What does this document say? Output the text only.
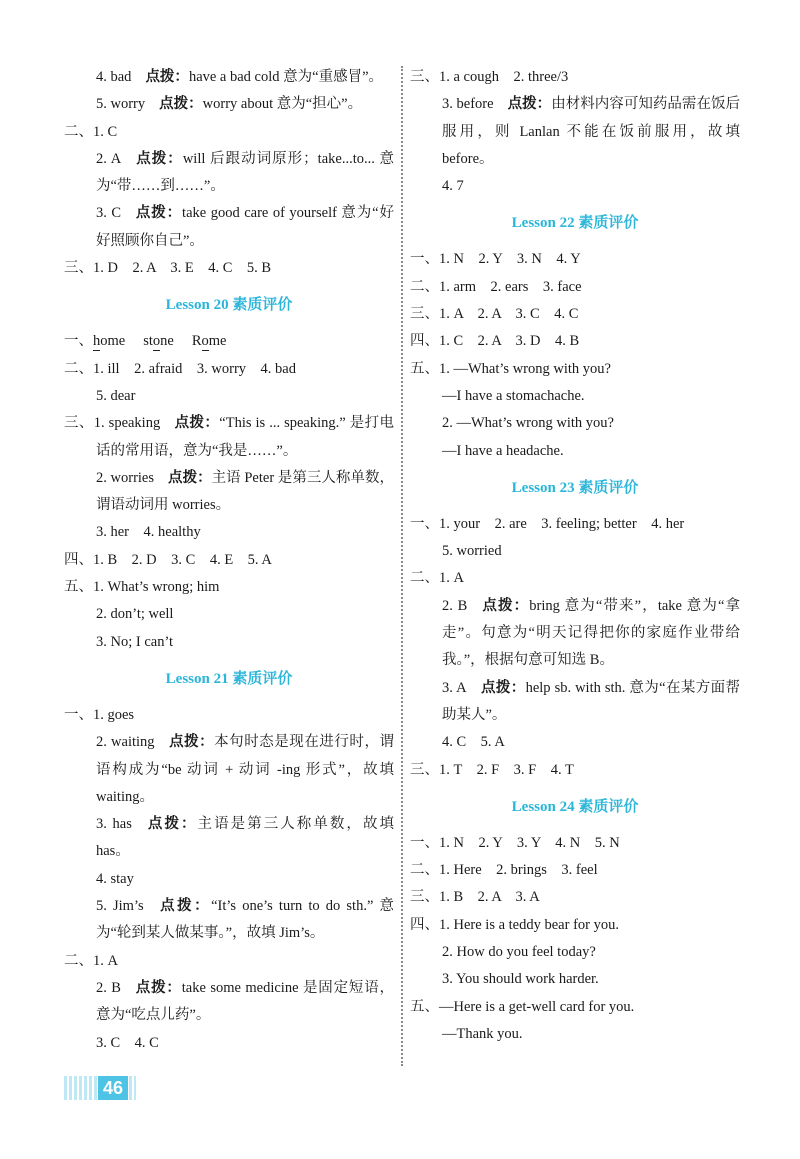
4. bad 点拨：have a bad cold 意为“重感冒”。
5. worry 点拨：worry about 意为“担心”。
二、1. C
2. A 点拨：will 后跟动词原形；take...to... 意为“带……到……”。
3. C 点拨：take good care of yourself 意为“好好照顾你自己”。
三、1. D　2. A　3. E　4. C　5. B
Lesson 20 素质评价
一、home stone Rome
二、1. ill　2. afraid　3. worry　4. bad
5. dear
三、1. speaking 点拨：“This is ... speaking.” 是打电话的常用语，意为“我是……”。
2. worries 点拨：主语 Peter 是第三人称单数，谓语动词用 worries。
3. her　4. healthy
四、1. B　2. D　3. C　4. E　5. A
五、1. What’s wrong; him
2. don’t; well
3. No; I can’t
Lesson 21 素质评价
一、1. goes
2. waiting 点拨：本句时态是现在进行时，谓语构成为“be 动词 + 动词 -ing 形式”，故填 waiting。
3. has 点拨：主语是第三人称单数，故填 has。
4. stay
5. Jim’s 点拨：“It’s one’s turn to do sth.” 意为“轮到某人做某事。”，故填 Jim’s。
二、1. A
2. B 点拨：take some medicine 是固定短语，意为“吃点儿药”。
3. C　4. C
三、1. a cough　2. three/3
3. before 点拨：由材料内容可知药品需在饭后服用，则 Lanlan 不能在饭前服用，故填 before。
4. 7
Lesson 22 素质评价
一、1. N　2. Y　3. N　4. Y
二、1. arm　2. ears　3. face
三、1. A　2. A　3. C　4. C
四、1. C　2. A　3. D　4. B
五、1. —What’s wrong with you?
—I have a stomachache.
2. —What’s wrong with you?
—I have a headache.
Lesson 23 素质评价
一、1. your　2. are　3. feeling; better　4. her
5. worried
二、1. A
2. B 点拨：bring 意为“带来”，take 意为“拿走”。句意为“明天记得把你的家庭作业带给我。”，根据句意可知选 B。
3. A 点拨：help sb. with sth. 意为“在某方面帮助某人”。
4. C　5. A
三、1. T　2. F　3. F　4. T
Lesson 24 素质评价
一、1. N　2. Y　3. Y　4. N　5. N
二、1. Here　2. brings　3. feel
三、1. B　2. A　3. A
四、1. Here is a teddy bear for you.
2. How do you feel today?
3. You should work harder.
五、—Here is a get-well card for you.
—Thank you.
46
